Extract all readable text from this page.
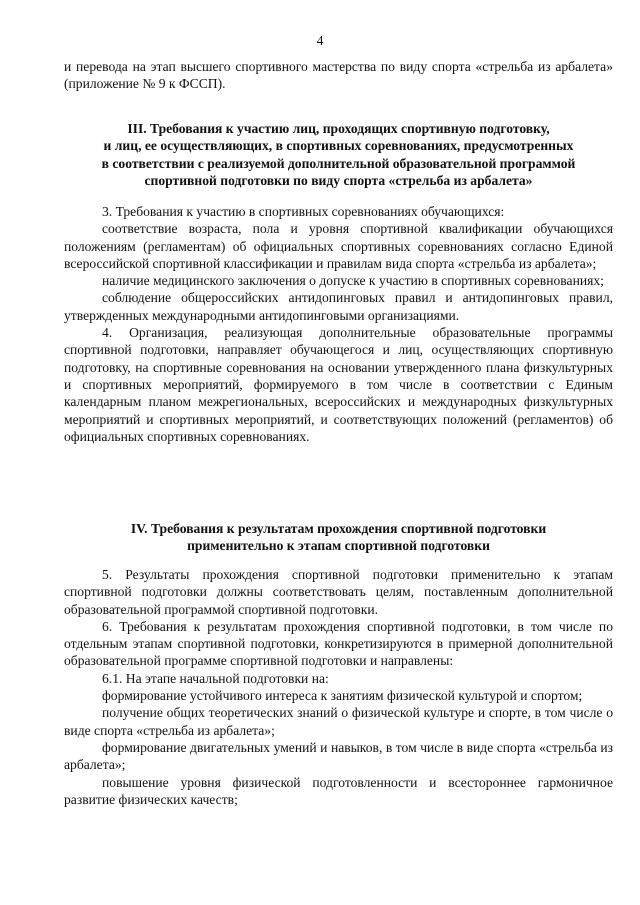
4

и перевода на этап высшего спортивного мастерства по виду спорта «стрельба из арбалета» (приложение № 9 к ФССП).

III. Требования к участию лиц, проходящих спортивную подготовку,

и лиц, ее осуществляющих, в спортивных соревнованиях, предусмотренных

в соответствии с реализуемой дополнительной образовательной программой

спортивной подготовки по виду спорта «стрельба из арбалета»

3. Требования к участию в спортивных соревнованиях обучающихся:

соответствие возраста, пола и уровня спортивной квалификации обучающихся положениям (регламентам) об официальных спортивных соревнованиях согласно Единой всероссийской спортивной классификации и правилам вида спорта «стрельба из арбалета»;

наличие медицинского заключения о допуске к участию в спортивных соревнованиях;

соблюдение общероссийских антидопинговых правил и антидопинговых правил, утвержденных международными антидопинговыми организациями.

4. Организация, реализующая дополнительные образовательные программы спортивной подготовки, направляет обучающегося и лиц, осуществляющих спортивную подготовку, на спортивные соревнования на основании утвержденного плана физкультурных и спортивных мероприятий, формируемого в том числе в соответствии с Единым календарным планом межрегиональных, всероссийских и международных физкультурных мероприятий и спортивных мероприятий, и соответствующих положений (регламентов) об официальных спортивных соревнованиях.

IV. Требования к результатам прохождения спортивной подготовки

применительно к этапам спортивной подготовки

5. Результаты прохождения спортивной подготовки применительно к этапам спортивной подготовки должны соответствовать целям, поставленным дополнительной образовательной программой спортивной подготовки.

6. Требования к результатам прохождения спортивной подготовки, в том числе по отдельным этапам спортивной подготовки, конкретизируются в примерной дополнительной образовательной программе спортивной подготовки и направлены:

6.1. На этапе начальной подготовки на:

формирование устойчивого интереса к занятиям физической культурой и спортом;

получение общих теоретических знаний о физической культуре и спорте, в том числе о виде спорта «стрельба из арбалета»;

формирование двигательных умений и навыков, в том числе в виде спорта «стрельба из арбалета»;

повышение уровня физической подготовленности и всестороннее гармоничное развитие физических качеств;
